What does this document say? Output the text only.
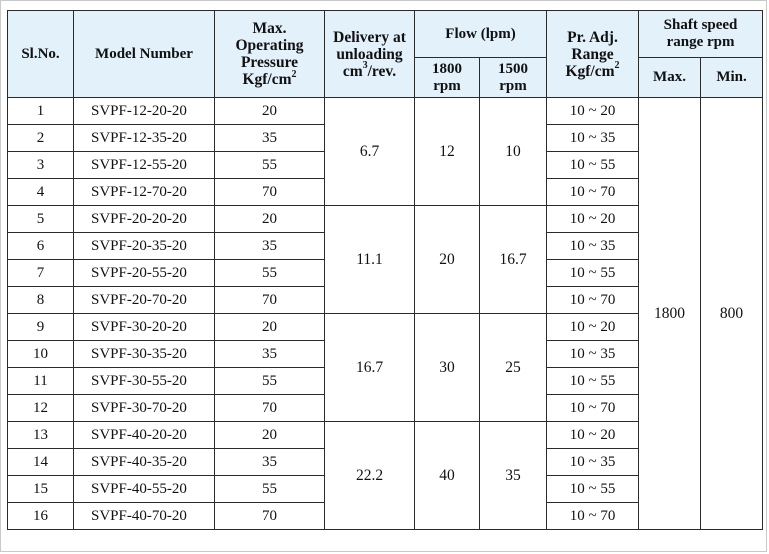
Sl.No.	Model Number	Max.
Operating
Pressure
Kgf/$cm^2$	Delivery at
unloading
$cm^3$/rev.	Flow (lpm)		Pr. Adj.
Range
Kgf/$cm^2$	Shaft speed
range rpm	
				1800
rpm	1500
rpm		Max.	Min.
1	SVPF-12-20-20	20	6.7	12	10	10 ~ 20	1800	800
2	SVPF-12-35-20	35				10 ~ 35		
3	SVPF-12-55-20	55				10 ~ 55		
4	SVPF-12-70-20	70				10 ~ 70		
5	SVPF-20-20-20	20	11.1	20	16.7	10 ~ 20		
6	SVPF-20-35-20	35				10 ~ 35		
7	SVPF-20-55-20	55				10 ~ 55		
8	SVPF-20-70-20	70				10 ~ 70		
9	SVPF-30-20-20	20	16.7	30	25	10 ~ 20		
10	SVPF-30-35-20	35				10 ~ 35		
11	SVPF-30-55-20	55				10 ~ 55		
12	SVPF-30-70-20	70				10 ~ 70		
13	SVPF-40-20-20	20	22.2	40	35	10 ~ 20		
14	SVPF-40-35-20	35				10 ~ 35		
15	SVPF-40-55-20	55				10 ~ 55		
16	SVPF-40-70-20	70				10 ~ 70		
